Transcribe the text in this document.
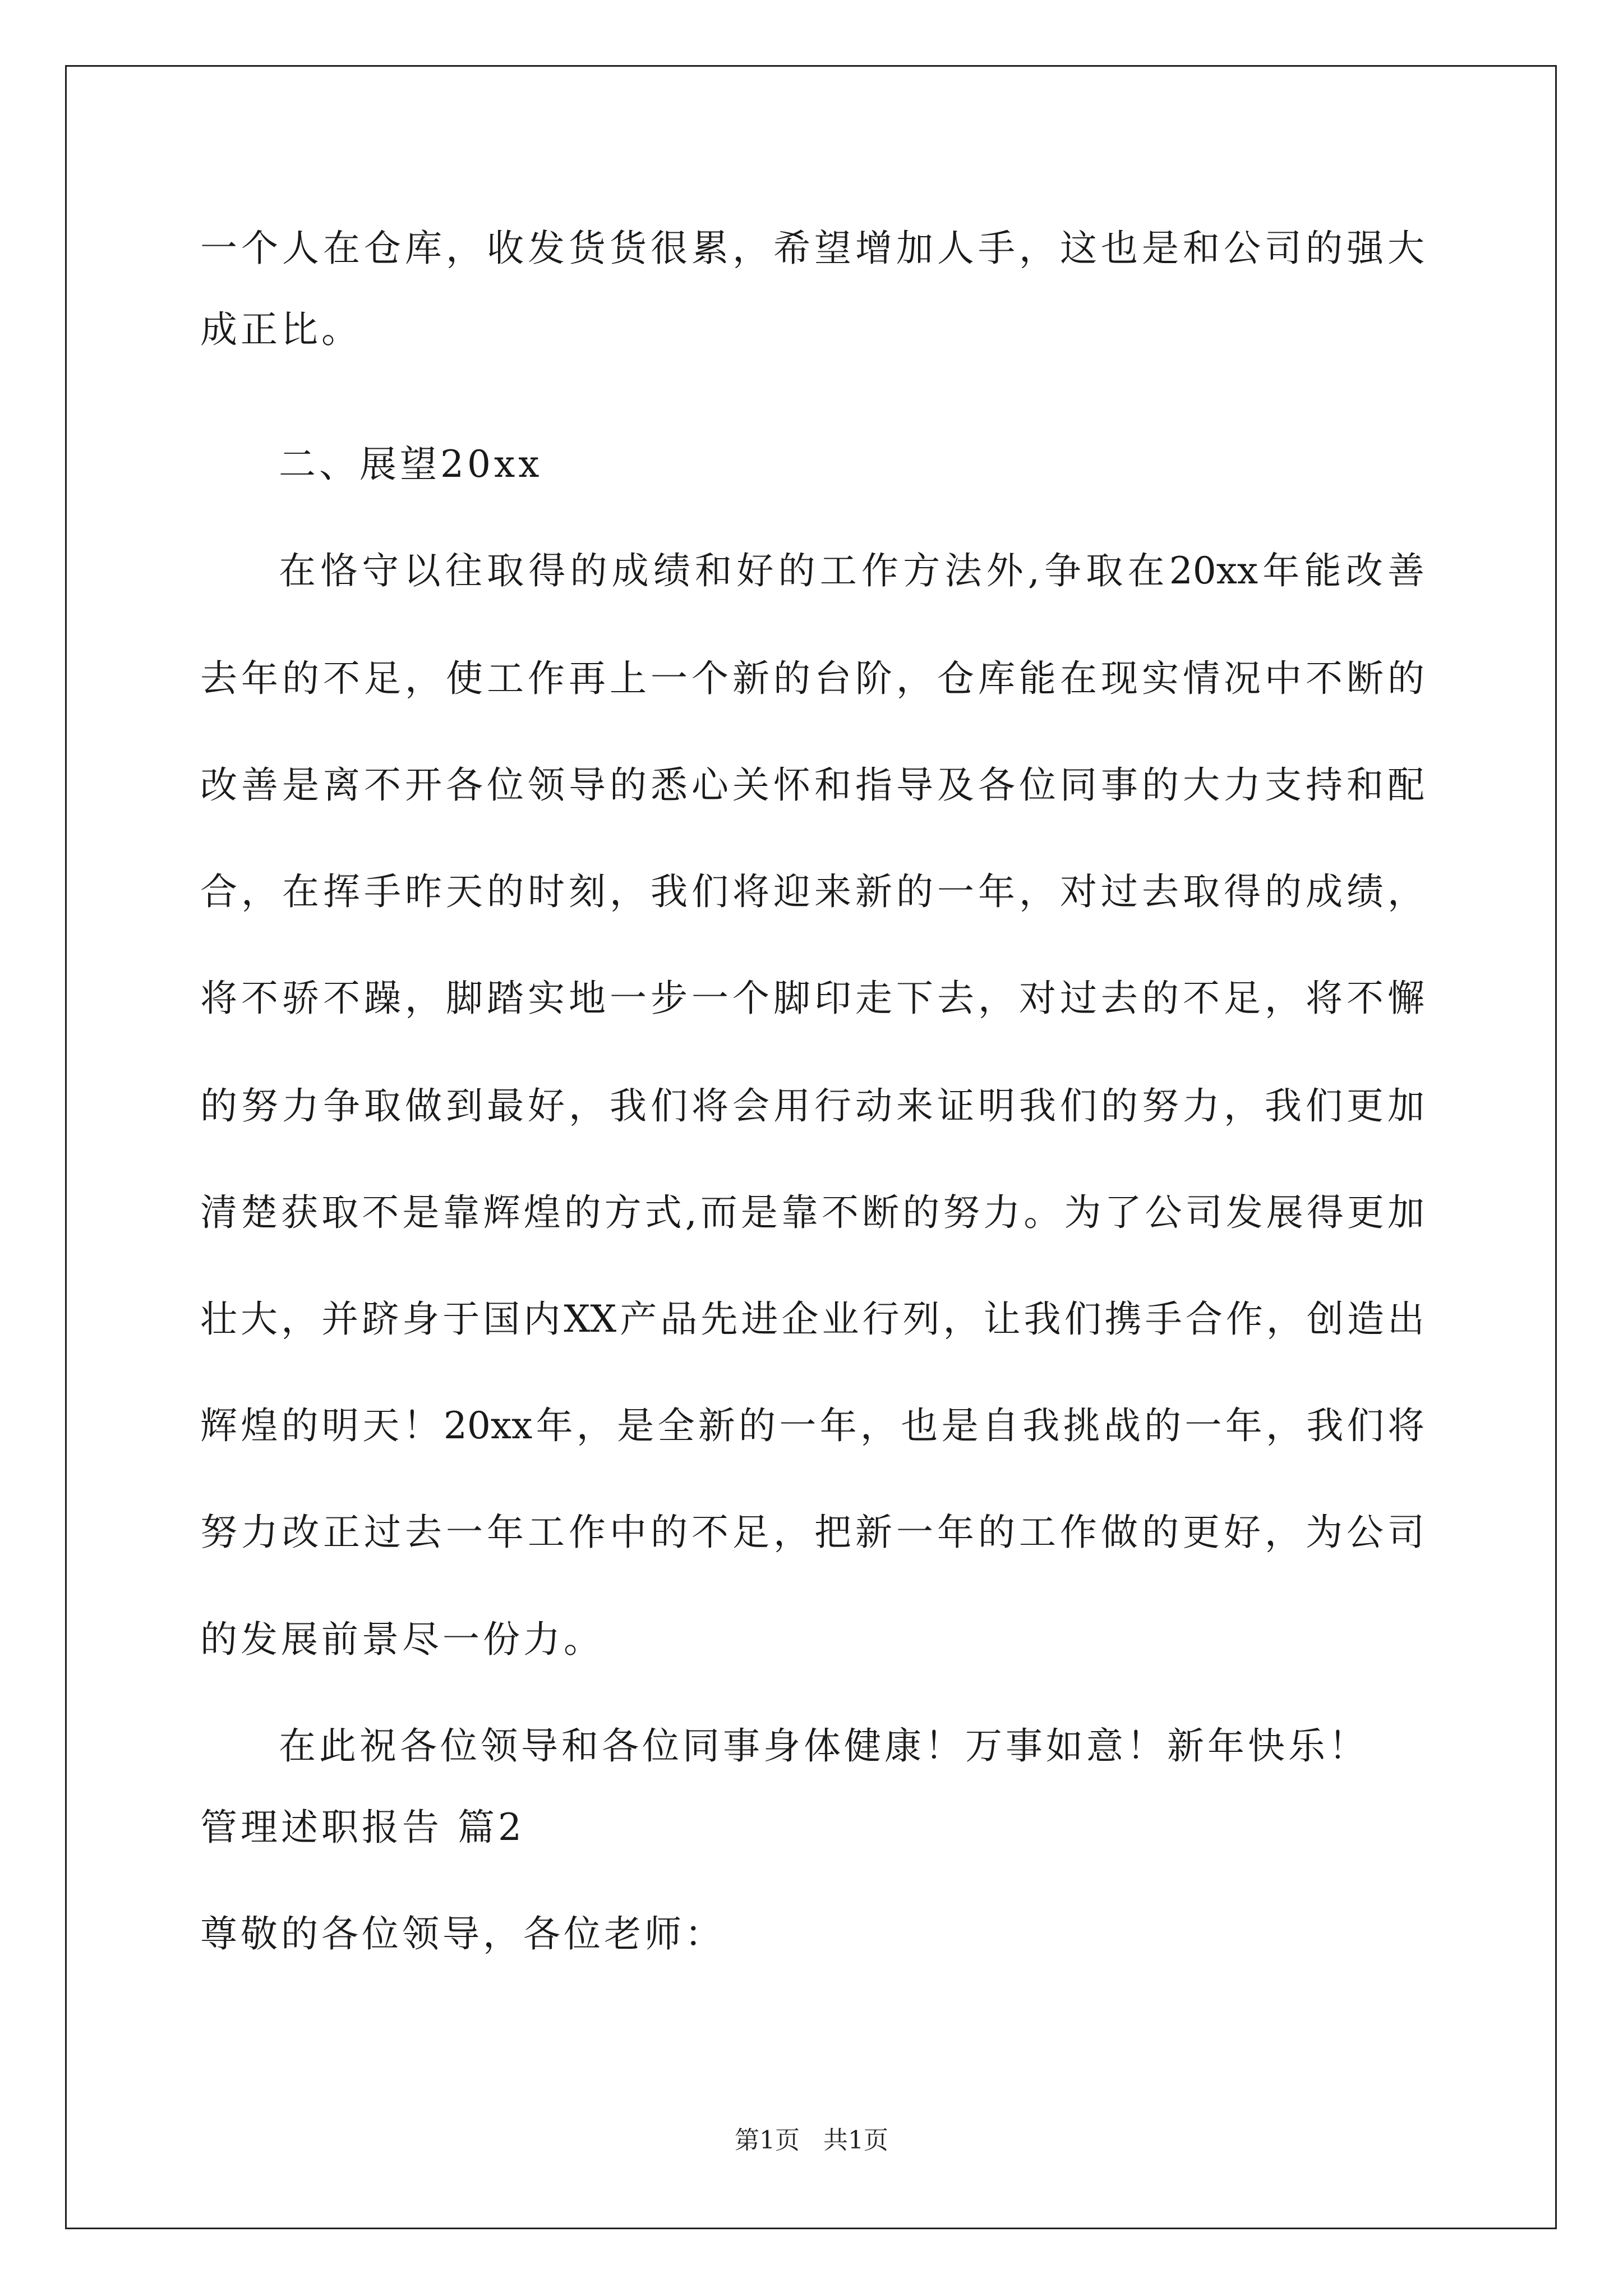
一个人在仓库，收发货货很累，希望增加人手，这也是和公司的强大
成正比。
二、展望20xx
在恪守以往取得的成绩和好的工作方法外,争取在20xx年能改善
去年的不足，使工作再上一个新的台阶，仓库能在现实情况中不断的
改善是离不开各位领导的悉心关怀和指导及各位同事的大力支持和配
合，在挥手昨天的时刻，我们将迎来新的一年，对过去取得的成绩，
将不骄不躁，脚踏实地一步一个脚印走下去，对过去的不足，将不懈
的努力争取做到最好，我们将会用行动来证明我们的努力，我们更加
清楚获取不是靠辉煌的方式,而是靠不断的努力。为了公司发展得更加
壮大，并跻身于国内XX产品先进企业行列，让我们携手合作，创造出
辉煌的明天！20xx年，是全新的一年，也是自我挑战的一年，我们将
努力改正过去一年工作中的不足，把新一年的工作做的更好，为公司
的发展前景尽一份力。
在此祝各位领导和各位同事身体健康！万事如意！新年快乐！
管理述职报告 篇2
尊敬的各位领导，各位老师：
第1页   共1页
